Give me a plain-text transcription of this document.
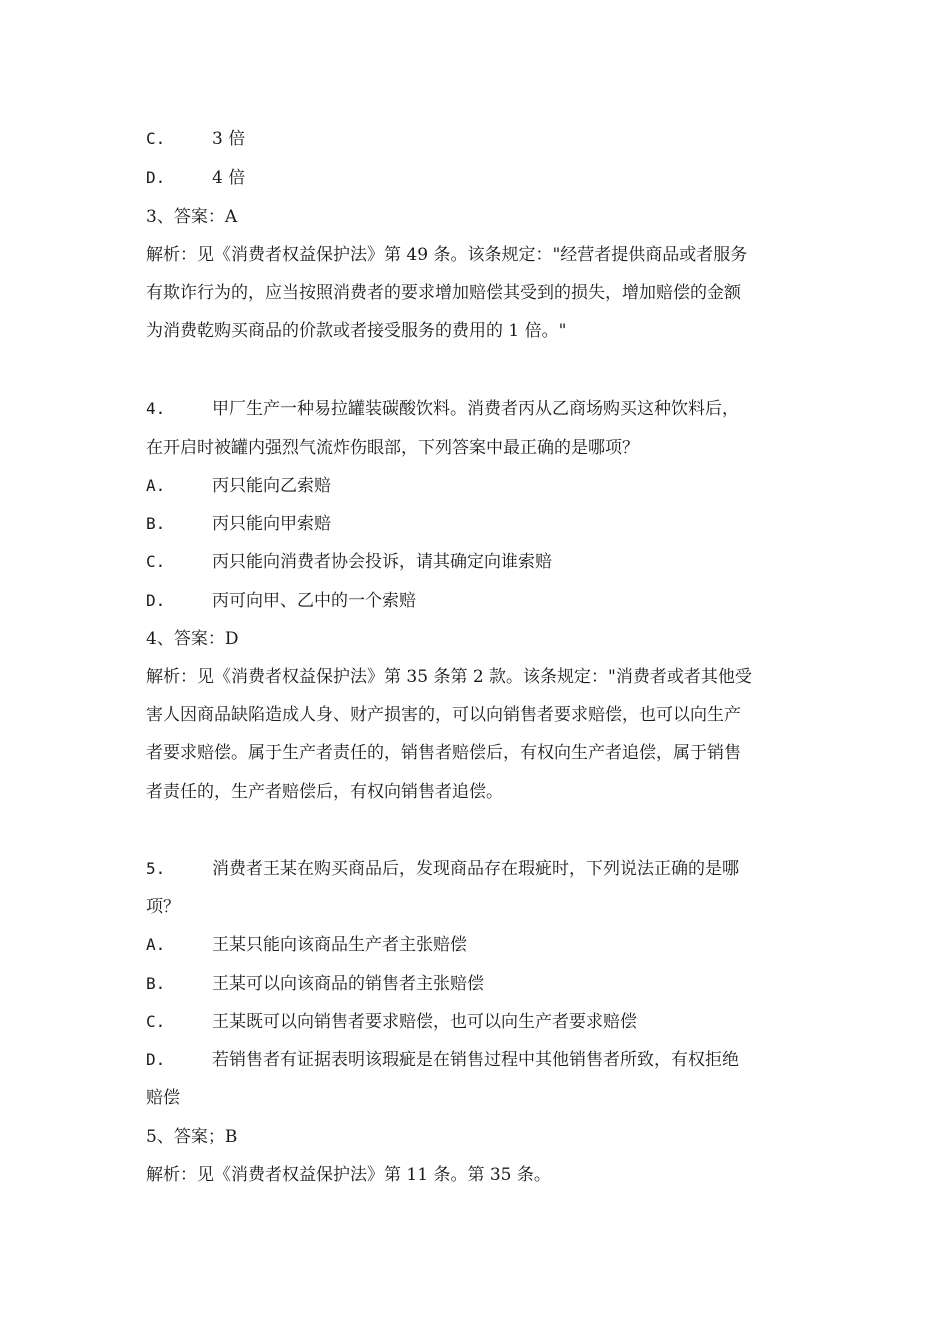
C.	3 倍
D.	4 倍
3、答案：A
解析：见《消费者权益保护法》第 49 条。该条规定："经营者提供商品或者服务
有欺诈行为的，应当按照消费者的要求增加赔偿其受到的损失，增加赔偿的金额
为消费乾购买商品的价款或者接受服务的费用的 1 倍。"
4.	甲厂生产一种易拉罐装碳酸饮料。消费者丙从乙商场购买这种饮料后，
在开启时被罐内强烈气流炸伤眼部，下列答案中最正确的是哪项？
A.	丙只能向乙索赔
B.	丙只能向甲索赔
C.	丙只能向消费者协会投诉，请其确定向谁索赔
D.	丙可向甲、乙中的一个索赔
4、答案：D
解析：见《消费者权益保护法》第 35 条第 2 款。该条规定："消费者或者其他受
害人因商品缺陷造成人身、财产损害的，可以向销售者要求赔偿，也可以向生产
者要求赔偿。属于生产者责任的，销售者赔偿后，有权向生产者追偿，属于销售
者责任的，生产者赔偿后，有权向销售者追偿。
5.	消费者王某在购买商品后，发现商品存在瑕疵时，下列说法正确的是哪
项？
A.	王某只能向该商品生产者主张赔偿
B.	王某可以向该商品的销售者主张赔偿
C.	王某既可以向销售者要求赔偿，也可以向生产者要求赔偿
D.	若销售者有证据表明该瑕疵是在销售过程中其他销售者所致，有权拒绝
赔偿
5、答案；B
解析：见《消费者权益保护法》第 11 条。第 35 条。
